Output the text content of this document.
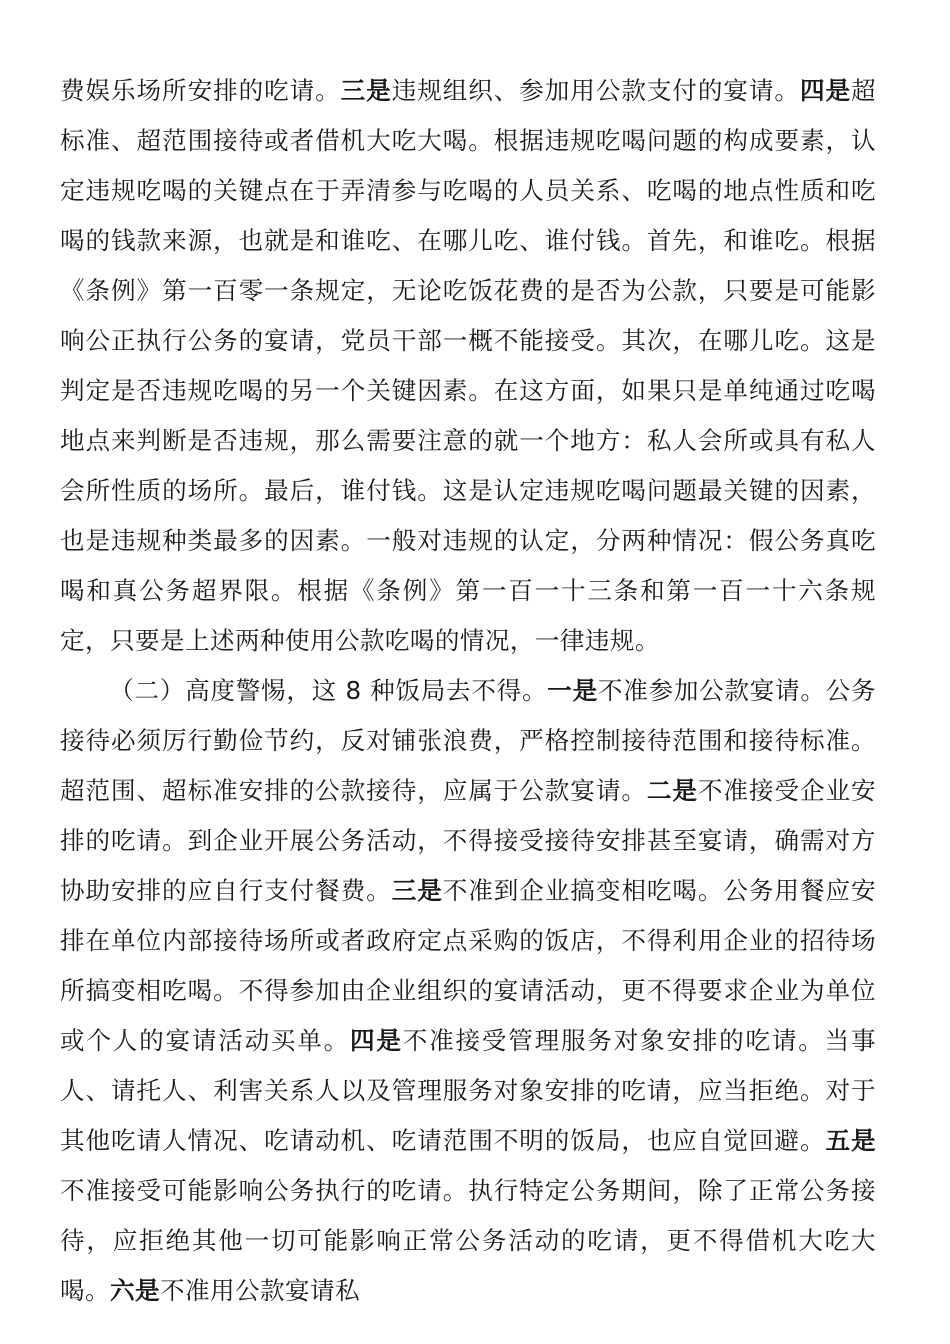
费娱乐场所安排的吃请。三是违规组织、参加用公款支付的宴请。四是超标准、超范围接待或者借机大吃大喝。根据违规吃喝问题的构成要素，认定违规吃喝的关键点在于弄清参与吃喝的人员关系、吃喝的地点性质和吃喝的钱款来源，也就是和谁吃、在哪儿吃、谁付钱。首先，和谁吃。根据《条例》第一百零一条规定，无论吃饭花费的是否为公款，只要是可能影响公正执行公务的宴请，党员干部一概不能接受。其次，在哪儿吃。这是判定是否违规吃喝的另一个关键因素。在这方面，如果只是单纯通过吃喝地点来判断是否违规，那么需要注意的就一个地方：私人会所或具有私人会所性质的场所。最后，谁付钱。这是认定违规吃喝问题最关键的因素，也是违规种类最多的因素。一般对违规的认定，分两种情况：假公务真吃喝和真公务超界限。根据《条例》第一百一十三条和第一百一十六条规定，只要是上述两种使用公款吃喝的情况，一律违规。

（二）高度警惕，这 8 种饭局去不得。一是不准参加公款宴请。公务接待必须厉行勤俭节约，反对铺张浪费，严格控制接待范围和接待标准。超范围、超标准安排的公款接待，应属于公款宴请。二是不准接受企业安排的吃请。到企业开展公务活动，不得接受接待安排甚至宴请，确需对方协助安排的应自行支付餐费。三是不准到企业搞变相吃喝。公务用餐应安排在单位内部接待场所或者政府定点采购的饭店，不得利用企业的招待场所搞变相吃喝。不得参加由企业组织的宴请活动，更不得要求企业为单位或个人的宴请活动买单。四是不准接受管理服务对象安排的吃请。当事人、请托人、利害关系人以及管理服务对象安排的吃请，应当拒绝。对于其他吃请人情况、吃请动机、吃请范围不明的饭局，也应自觉回避。五是不准接受可能影响公务执行的吃请。执行特定公务期间，除了正常公务接待，应拒绝其他一切可能影响正常公务活动的吃请，更不得借机大吃大喝。六是不准用公款宴请私
